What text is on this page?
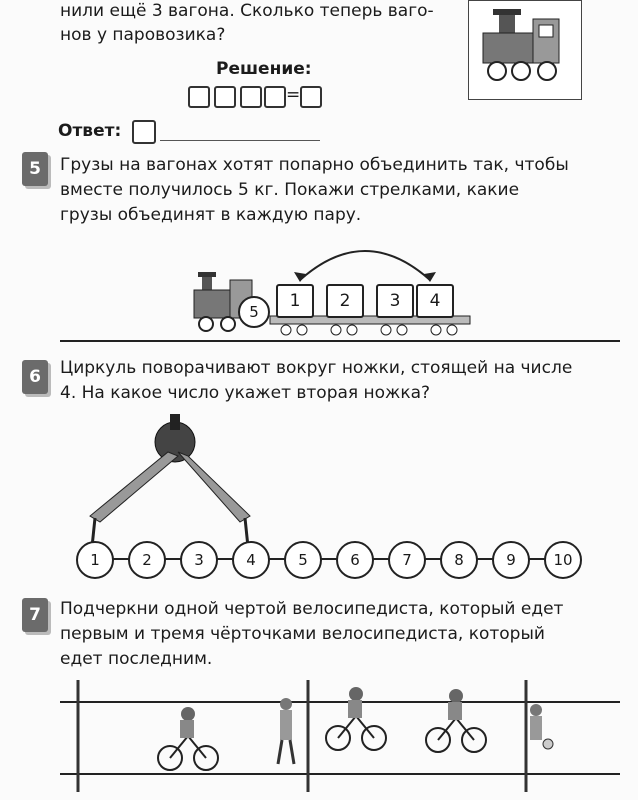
нили ещё 3 вагона. Сколько теперь ваго-
нов у паровозика?
Решение:
=
Ответ:
5	Грузы на вагонах хотят попарно объединить так, чтобы
вместе получилось 5 кг. Покажи стрелками, какие
грузы объединят в каждую пару.
5
1	2	3	4
6	Циркуль поворачивают вокруг ножки, стоящей на числе
4. На какое число укажет вторая ножка?
1	2	3	4	5	6	7	8	9	10
7	Подчеркни одной чертой велосипедиста, который едет
первым и тремя чёрточками велосипедиста, который
едет последним.
